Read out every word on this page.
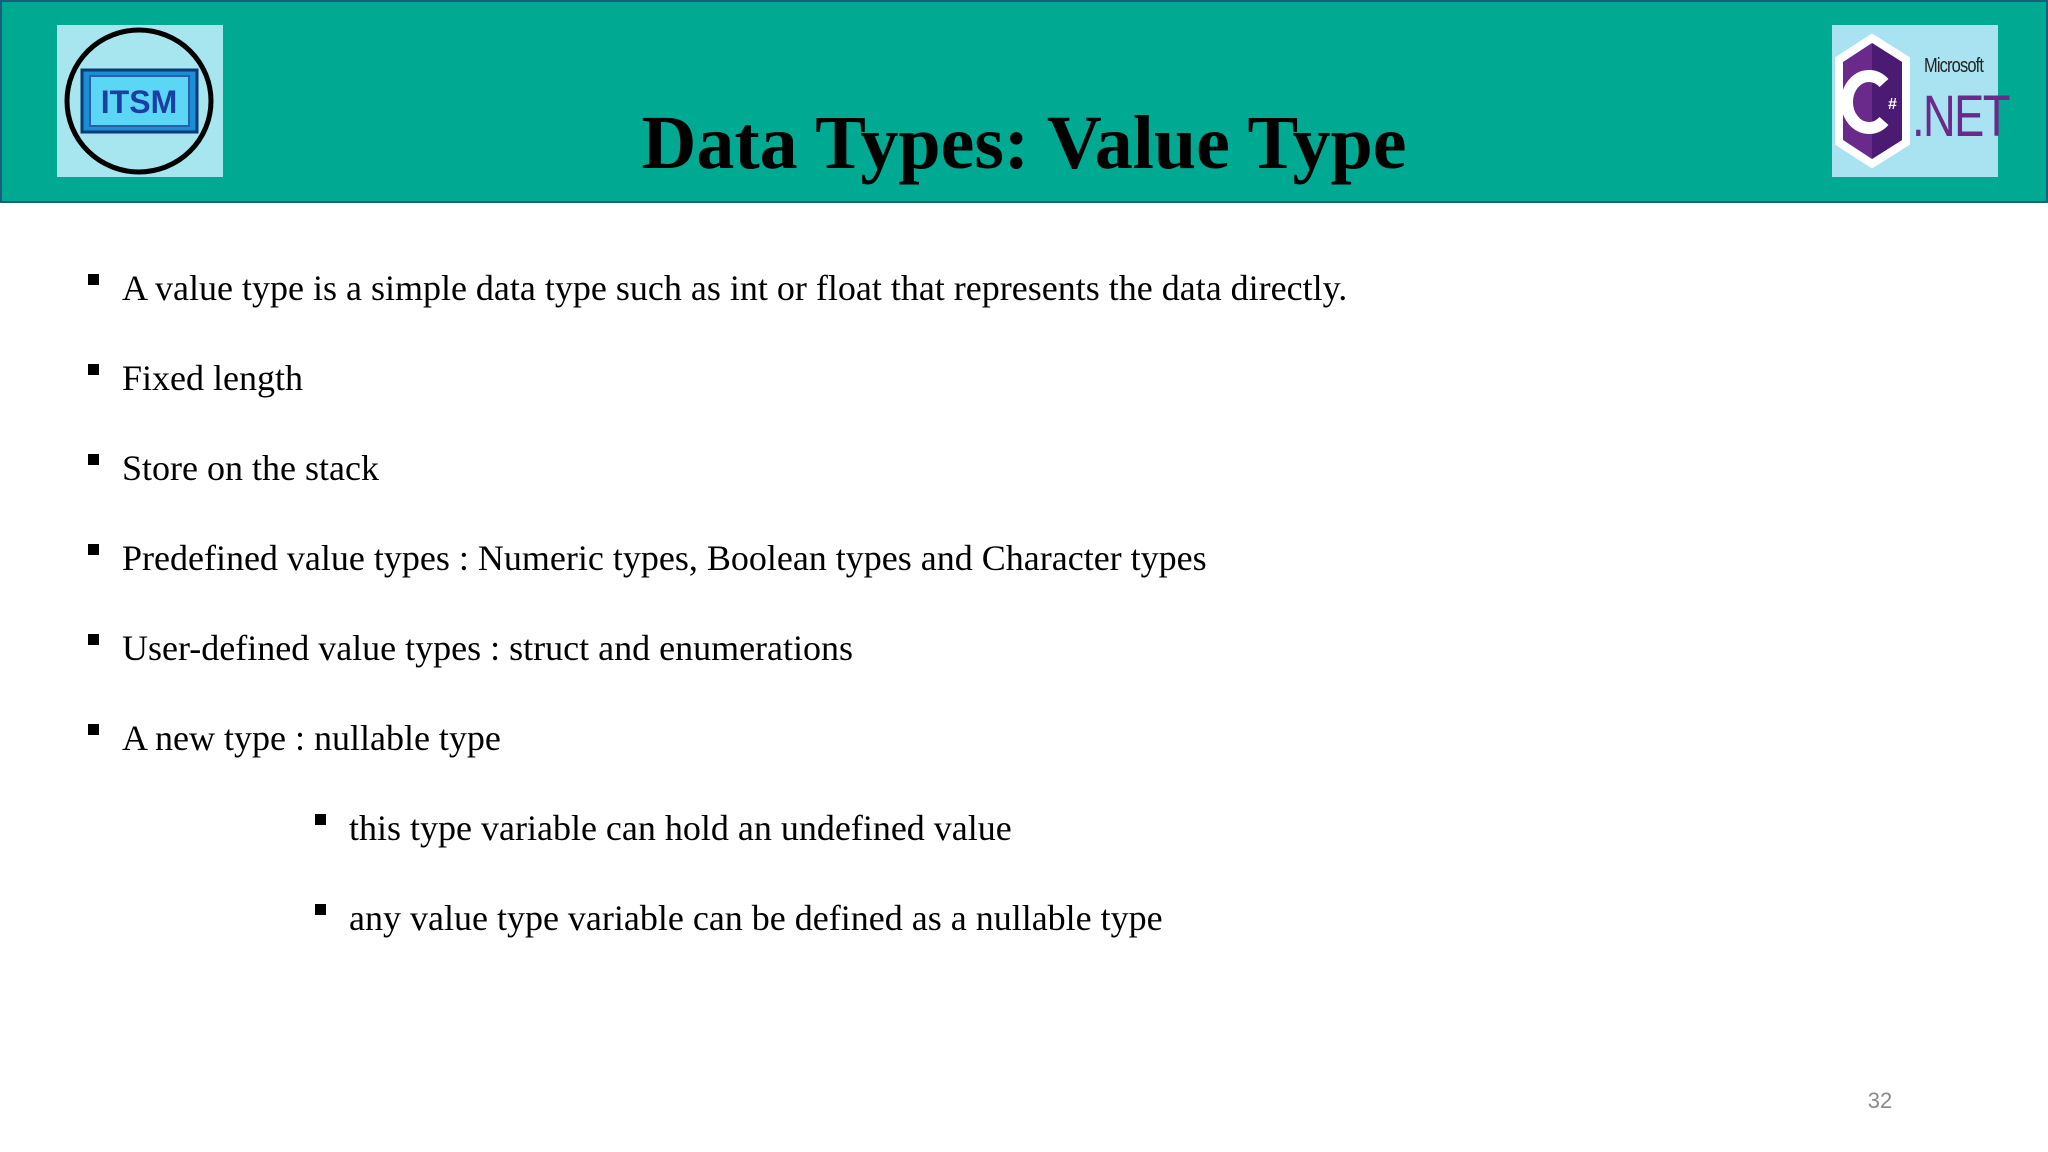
ITSM	Data Types: Value Type	#
Microsoft
.NET
A value type is a simple data type such as int or float that represents the data directly.
Fixed length
Store on the stack
Predefined value types : Numeric types, Boolean types and Character types
User-defined value types : struct and enumerations
A new type : nullable type
this type variable can hold an undefined value
any value type variable can be defined as a nullable type
32
